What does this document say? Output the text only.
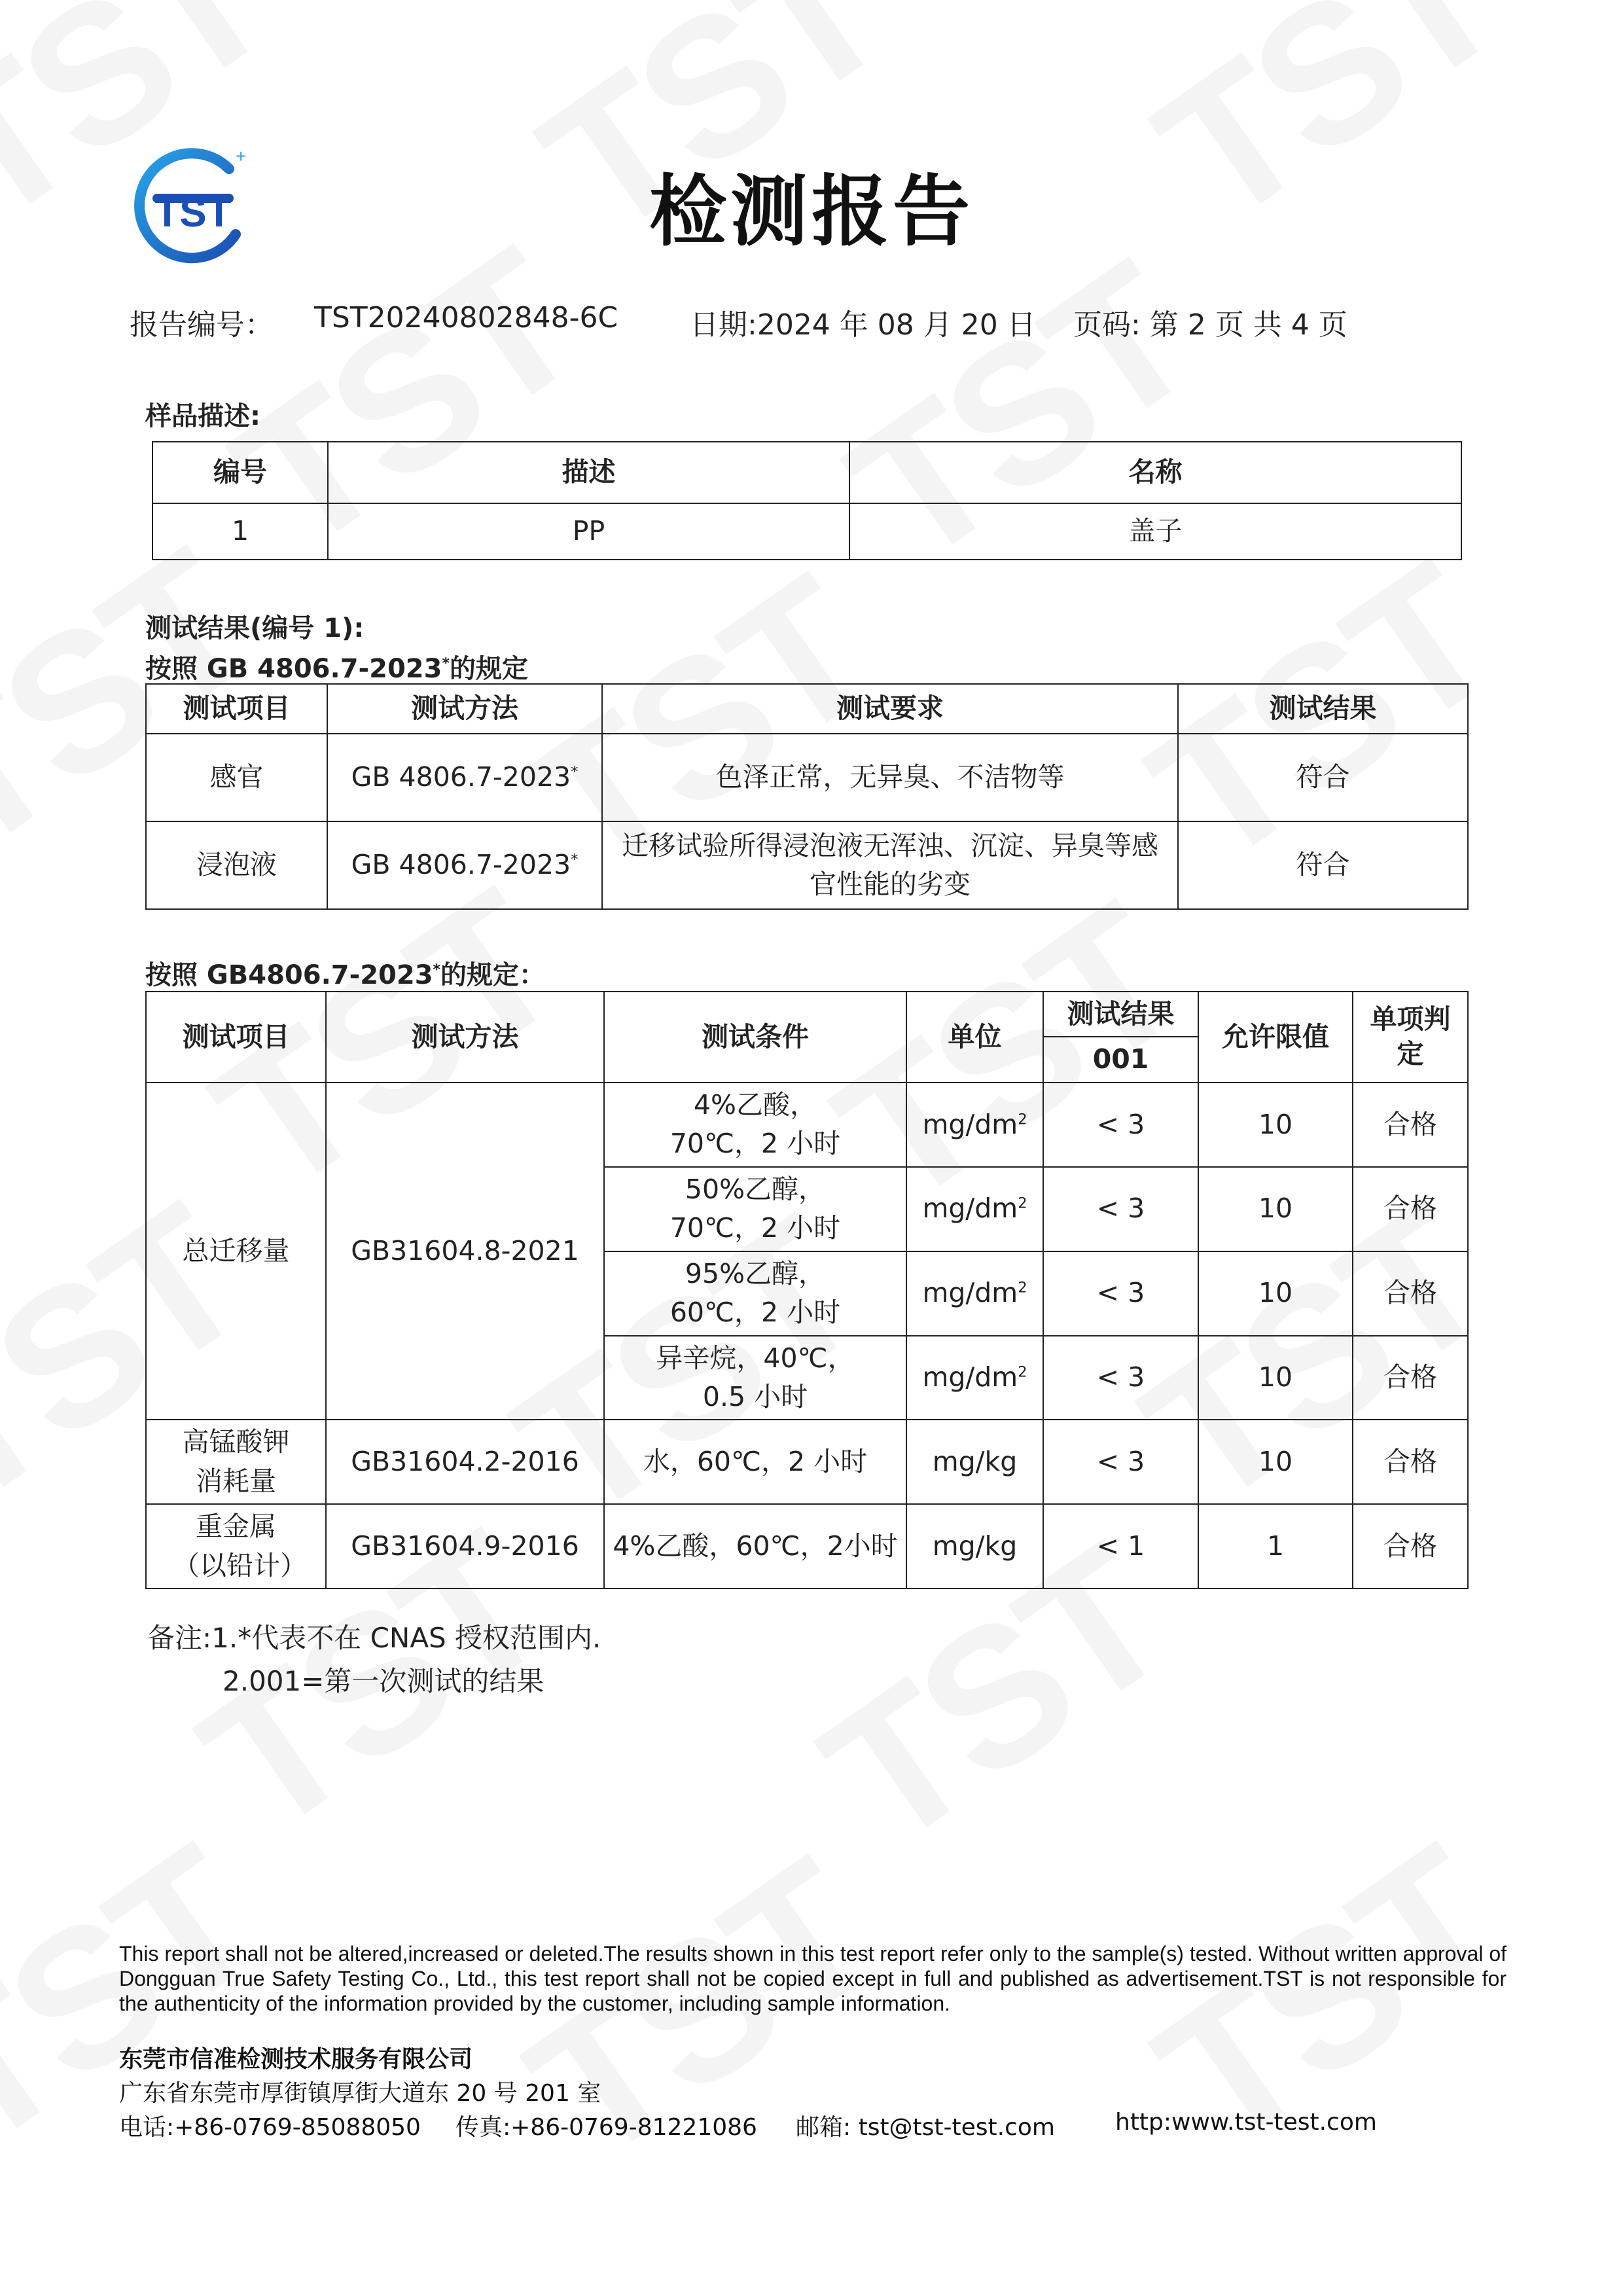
TST
+
检测报告
报告编号： TST20240802848-6C 日期:2024 年 08 月 20 日 页码: 第 2 页 共 4 页
样品描述:
编号	描述	名称
1	PP	盖子
测试结果(编号 1):
按照 GB 4806.7-2023*的规定
测试项目	测试方法	测试要求	测试结果
感官	GB 4806.7-2023*	色泽正常，无异臭、不洁物等	符合
浸泡液	GB 4806.7-2023*	迁移试验所得浸泡液无浑浊、沉淀、异臭等感官性能的劣变	符合
按照 GB4806.7-2023*的规定：
测试项目	测试方法	测试条件	单位	测试结果	允许限值	单项判定
				001		
总迁移量	GB31604.8-2021	4%乙酸，70℃，2 小时	$mg/dm^2$	< 3	10	合格
		50%乙醇，70℃，2 小时	$mg/dm^2$	< 3	10	合格
		95%乙醇，60℃，2 小时	$mg/dm^2$	< 3	10	合格
		异辛烷，40℃，0.5 小时	$mg/dm^2$	< 3	10	合格
高锰酸钾消耗量	GB31604.2-2016	水，60℃，2 小时	mg/kg	< 3	10	合格
重金属（以铅计）	GB31604.9-2016	4%乙酸，60℃，2小时	mg/kg	< 1	1	合格
备注:1.*代表不在 CNAS 授权范围内.
2.001=第一次测试的结果
This report shall not be altered,increased or deleted.The results shown in this test report refer only to the sample(s) tested. Without written approval of Dongguan True Safety Testing Co., Ltd., this test report shall not be copied except in full and published as advertisement.TST is not responsible for the authenticity of the information provided by the customer, including sample information.
东莞市信准检测技术服务有限公司
广东省东莞市厚街镇厚街大道东 20 号 201 室
电话:+86-0769-85088050 传真:+86-0769-81221086 邮箱: tst@tst-test.com	http:www.tst-test.com
